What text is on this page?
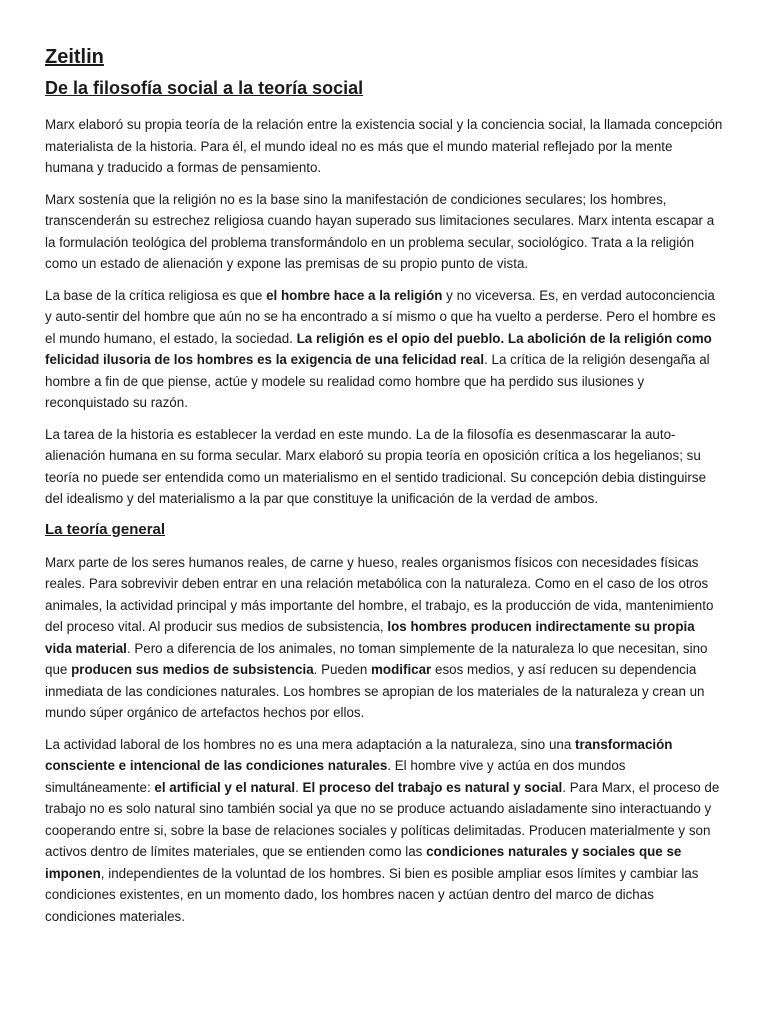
Zeitlin
De la filosofía social a la teoría social

Marx elaboró su propia teoría de la relación entre la existencia social y la conciencia social, la llamada concepción materialista de la historia. Para él, el mundo ideal no es más que el mundo material reflejado por la mente humana y traducido a formas de pensamiento.

Marx sostenía que la religión no es la base sino la manifestación de condiciones seculares; los hombres, transcenderán su estrechez religiosa cuando hayan superado sus limitaciones seculares. Marx intenta escapar a la formulación teológica del problema transformándolo en un problema secular, sociológico. Trata a la religión como un estado de alienación y expone las premisas de su propio punto de vista.

La base de la crítica religiosa es que el hombre hace a la religión y no viceversa. Es, en verdad autoconciencia y auto-sentir del hombre que aún no se ha encontrado a sí mismo o que ha vuelto a perderse. Pero el hombre es el mundo humano, el estado, la sociedad. La religión es el opio del pueblo. La abolición de la religión como felicidad ilusoria de los hombres es la exigencia de una felicidad real. La crítica de la religión desengaña al hombre a fin de que piense, actúe y modele su realidad como hombre que ha perdido sus ilusiones y reconquistado su razón.

La tarea de la historia es establecer la verdad en este mundo. La de la filosofía es desenmascarar la auto-alienación humana en su forma secular. Marx elaboró su propia teoría en oposición crítica a los hegelianos; su teoría no puede ser entendida como un materialismo en el sentido tradicional. Su concepción debia distinguirse del idealismo y del materialismo a la par que constituye la unificación de la verdad de ambos.

La teoría general

Marx parte de los seres humanos reales, de carne y hueso, reales organismos físicos con necesidades físicas reales. Para sobrevivir deben entrar en una relación metabólica con la naturaleza. Como en el caso de los otros animales, la actividad principal y más importante del hombre, el trabajo, es la producción de vida, mantenimiento del proceso vital. Al producir sus medios de subsistencia, los hombres producen indirectamente su propia vida material. Pero a diferencia de los animales, no toman simplemente de la naturaleza lo que necesitan, sino que producen sus medios de subsistencia. Pueden modificar esos medios, y así reducen su dependencia inmediata de las condiciones naturales. Los hombres se apropian de los materiales de la naturaleza y crean un mundo súper orgánico de artefactos hechos por ellos.

La actividad laboral de los hombres no es una mera adaptación a la naturaleza, sino una transformación consciente e intencional de las condiciones naturales. El hombre vive y actúa en dos mundos simultáneamente: el artificial y el natural. El proceso del trabajo es natural y social. Para Marx, el proceso de trabajo no es solo natural sino también social ya que no se produce actuando aisladamente sino interactuando y cooperando entre si, sobre la base de relaciones sociales y políticas delimitadas. Producen materialmente y son activos dentro de límites materiales, que se entienden como las condiciones naturales y sociales que se imponen, independientes de la voluntad de los hombres. Si bien es posible ampliar esos límites y cambiar las condiciones existentes, en un momento dado, los hombres nacen y actúan dentro del marco de dichas condiciones materiales.
